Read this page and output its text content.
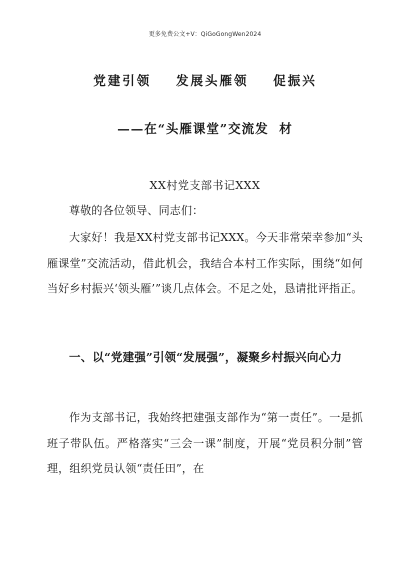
更多免费公文+V：QiGoGongWen2024
党建引领  发展头雁领  促振兴
——在“头雁课堂”交流发  材
XX村党支部书记XXX
尊敬的各位领导、同志们：
大家好！我是XX村党支部书记XXX。今天非常荣幸参加“头雁课堂”交流活动，借此机会，我结合本村工作实际，围绕“如何当好乡村振兴‘领头雁’”谈几点体会。不足之处，恳请批评指正。
一、以“党建强”引领“发展强”，凝聚乡村振兴向心力
作为支部书记，我始终把建强支部作为“第一责任”。一是抓班子带队伍。严格落实“三会一课”制度，开展“党员积分制”管理，组织党员认领“责任田”，在
